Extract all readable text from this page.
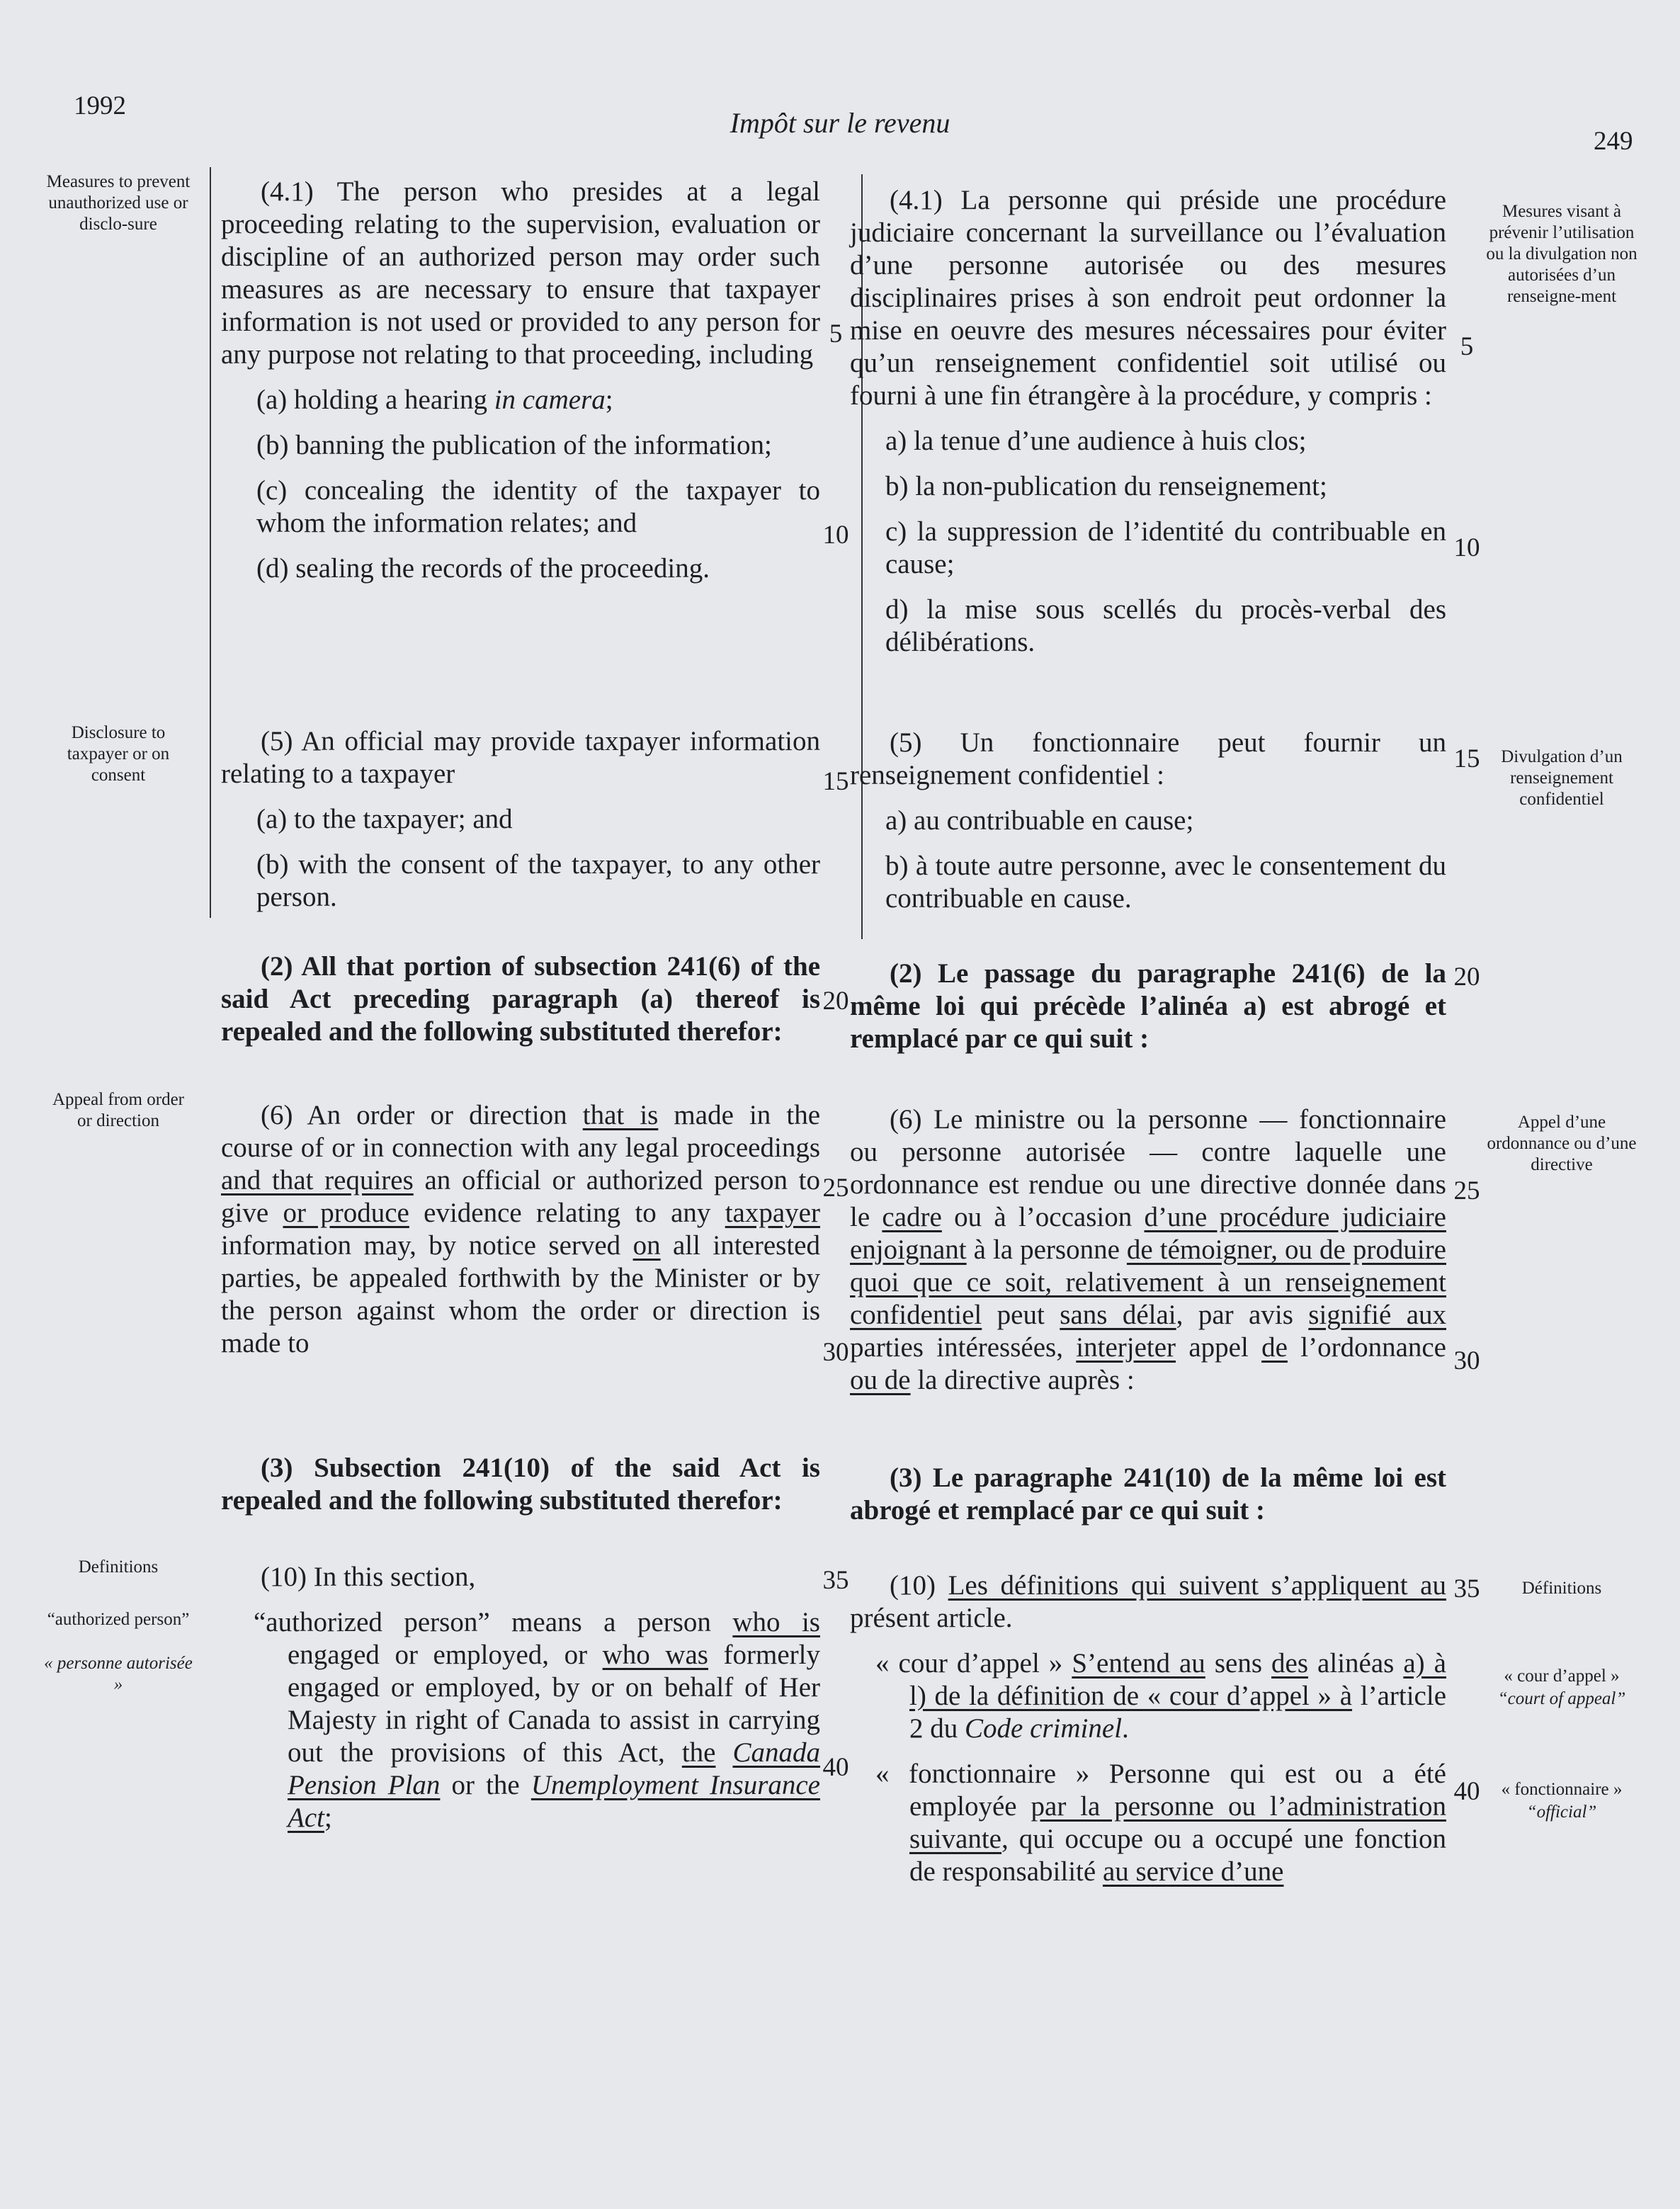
1992
Impôt sur le revenu
249
Measures to prevent unauthorized use or disclo-sure
Disclosure to taxpayer or on consent
Appeal from order or direction
Definitions
“authorized person”
« personne autorisée »
Mesures visant à prévenir l’utilisation ou la divulgation non autorisées d’un renseigne-ment
Divulgation d’un renseignement confidentiel
Appel d’une ordonnance ou d’une directive
Définitions
« cour d’appel »
“court of appeal”
« fonctionnaire »
“official”
5
10
15
20
25
30
35
40
5
10
15
20
25
30
35
40

(4.1) The person who presides at a legal proceeding relating to the supervision, evaluation or discipline of an authorized person may order such measures as are necessary to ensure that taxpayer information is not used or provided to any person for any purpose not relating to that proceeding, including

(a) holding a hearing in camera;

(b) banning the publication of the information;

(c) concealing the identity of the taxpayer to whom the information relates; and

(d) sealing the records of the proceeding.

(5) An official may provide taxpayer information relating to a taxpayer

(a) to the taxpayer; and

(b) with the consent of the taxpayer, to any other person.

(2) All that portion of subsection 241(6) of the said Act preceding paragraph (a) thereof is repealed and the following substituted therefor:

(6) An order or direction that is made in the course of or in connection with any legal proceedings and that requires an official or authorized person to give or produce evidence relating to any taxpayer information may, by notice served on all interested parties, be appealed forthwith by the Minister or by the person against whom the order or direction is made to

(3) Subsection 241(10) of the said Act is repealed and the following substituted therefor:

(10) In this section,

“authorized person” means a person who is engaged or employed, or who was formerly engaged or employed, by or on behalf of Her Majesty in right of Canada to assist in carrying out the provisions of this Act, the Canada Pension Plan or the Unemployment Insurance Act;

(4.1) La personne qui préside une procédure judiciaire concernant la surveillance ou l’évaluation d’une personne autorisée ou des mesures disciplinaires prises à son endroit peut ordonner la mise en oeuvre des mesures nécessaires pour éviter qu’un renseignement confidentiel soit utilisé ou fourni à une fin étrangère à la procédure, y compris :

a) la tenue d’une audience à huis clos;

b) la non-publication du renseignement;

c) la suppression de l’identité du contribuable en cause;

d) la mise sous scellés du procès-verbal des délibérations.

(5) Un fonctionnaire peut fournir un renseignement confidentiel :

a) au contribuable en cause;

b) à toute autre personne, avec le consentement du contribuable en cause.

(2) Le passage du paragraphe 241(6) de la même loi qui précède l’alinéa a) est abrogé et remplacé par ce qui suit :

(6) Le ministre ou la personne — fonctionnaire ou personne autorisée — contre laquelle une ordonnance est rendue ou une directive donnée dans le cadre ou à l’occasion d’une procédure judiciaire enjoignant à la personne de témoigner, ou de produire quoi que ce soit, relativement à un renseignement confidentiel peut sans délai, par avis signifié aux parties intéressées, interjeter appel de l’ordonnance ou de la directive auprès :

(3) Le paragraphe 241(10) de la même loi est abrogé et remplacé par ce qui suit :

(10) Les définitions qui suivent s’appliquent au présent article.

« cour d’appel » S’entend au sens des alinéas a) à l) de la définition de « cour d’appel » à l’article 2 du Code criminel.

« fonctionnaire » Personne qui est ou a été employée par la personne ou l’administration suivante, qui occupe ou a occupé une fonction de responsabilité au service d’une
